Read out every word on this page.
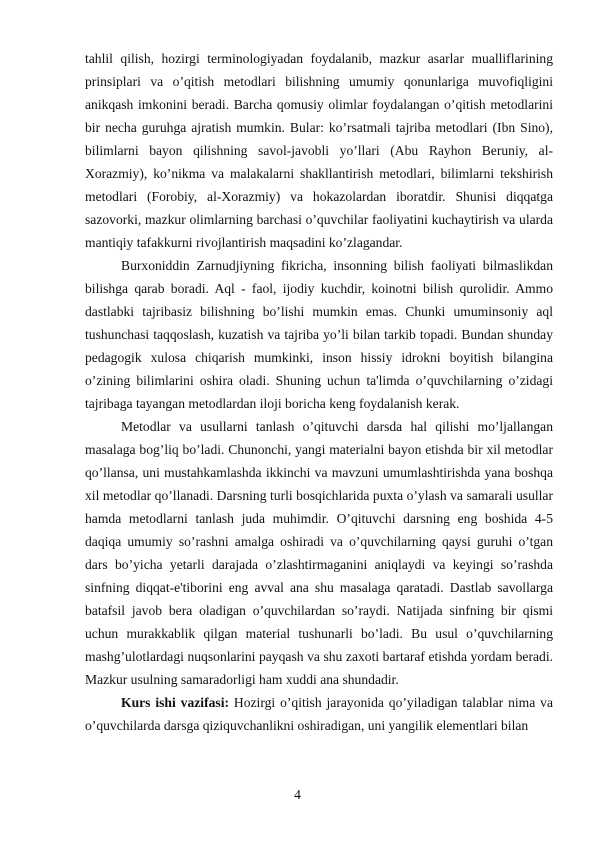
tahlil qilish, hozirgi terminologiyadan foydalanib, mazkur asarlar mualliflarining prinsiplari va o’qitish metodlari bilishning umumiy qonunlariga muvofiqligini anikqash imkonini beradi. Barcha qomusiy olimlar foydalangan o’qitish metodlarini bir necha guruhga ajratish mumkin. Bular: ko’rsatmali tajriba metodlari (Ibn Sino), bilimlarni bayon qilishning savol-javobli yo’llari (Abu Rayhon Beruniy, al-Xorazmiy), ko’nikma va malakalarni shakllantirish metodlari, bilimlarni tekshirish metodlari (Forobiy, al-Xorazmiy) va hokazolardan iboratdir. Shunisi diqqatga sazovorki, mazkur olimlarning barchasi o’quvchilar faoliyatini kuchaytirish va ularda mantiqiy tafakkurni rivojlantirish maqsadini ko’zlagandar.

Burxoniddin Zarnudjiyning fikricha, insonning bilish faoliyati bilmaslikdan bilishga qarab boradi. Aql - faol, ijodiy kuchdir, koinotni bilish qurolidir. Ammo dastlabki tajribasiz bilishning bo’lishi mumkin emas. Chunki umuminsoniy aql tushunchasi taqqoslash, kuzatish va tajriba yo’li bilan tarkib topadi. Bundan shunday pedagogik xulosa chiqarish mumkinki, inson hissiy idrokni boyitish bilangina o’zining bilimlarini oshira oladi. Shuning uchun ta'limda o’quvchilarning o’zidagi tajribaga tayangan metodlardan iloji boricha keng foydalanish kerak.

Metodlar va usullarni tanlash o’qituvchi darsda hal qilishi mo’ljallangan masalaga bog’liq bo’ladi. Chunonchi, yangi materialni bayon etishda bir xil metodlar qo’llansa, uni mustahkamlashda ikkinchi va mavzuni umumlashtirishda yana boshqa xil metodlar qo’llanadi. Darsning turli bosqichlarida puxta o’ylash va samarali usullar hamda metodlarni tanlash juda muhimdir. O’qituvchi darsning eng boshida 4-5 daqiqa umumiy so’rashni amalga oshiradi va o’quvchilarning qaysi guruhi o’tgan dars bo’yicha yetarli darajada o’zlashtirmaganini aniqlaydi va keyingi so’rashda sinfning diqqat-e'tiborini eng avval ana shu masalaga qaratadi. Dastlab savollarga batafsil javob bera oladigan o’quvchilardan so’raydi. Natijada sinfning bir qismi uchun murakkablik qilgan material tushunarli bo’ladi. Bu usul o’quvchilarning mashg’ulotlardagi nuqsonlarini payqash va shu zaxoti bartaraf etishda yordam beradi. Mazkur usulning samaradorligi ham xuddi ana shundadir.

Kurs ishi vazifasi: Hozirgi o’qitish jarayonida qo’yiladigan talablar nima va o’quvchilarda darsga qiziquvchanlikni oshiradigan, uni yangilik elementlari bilan

4
